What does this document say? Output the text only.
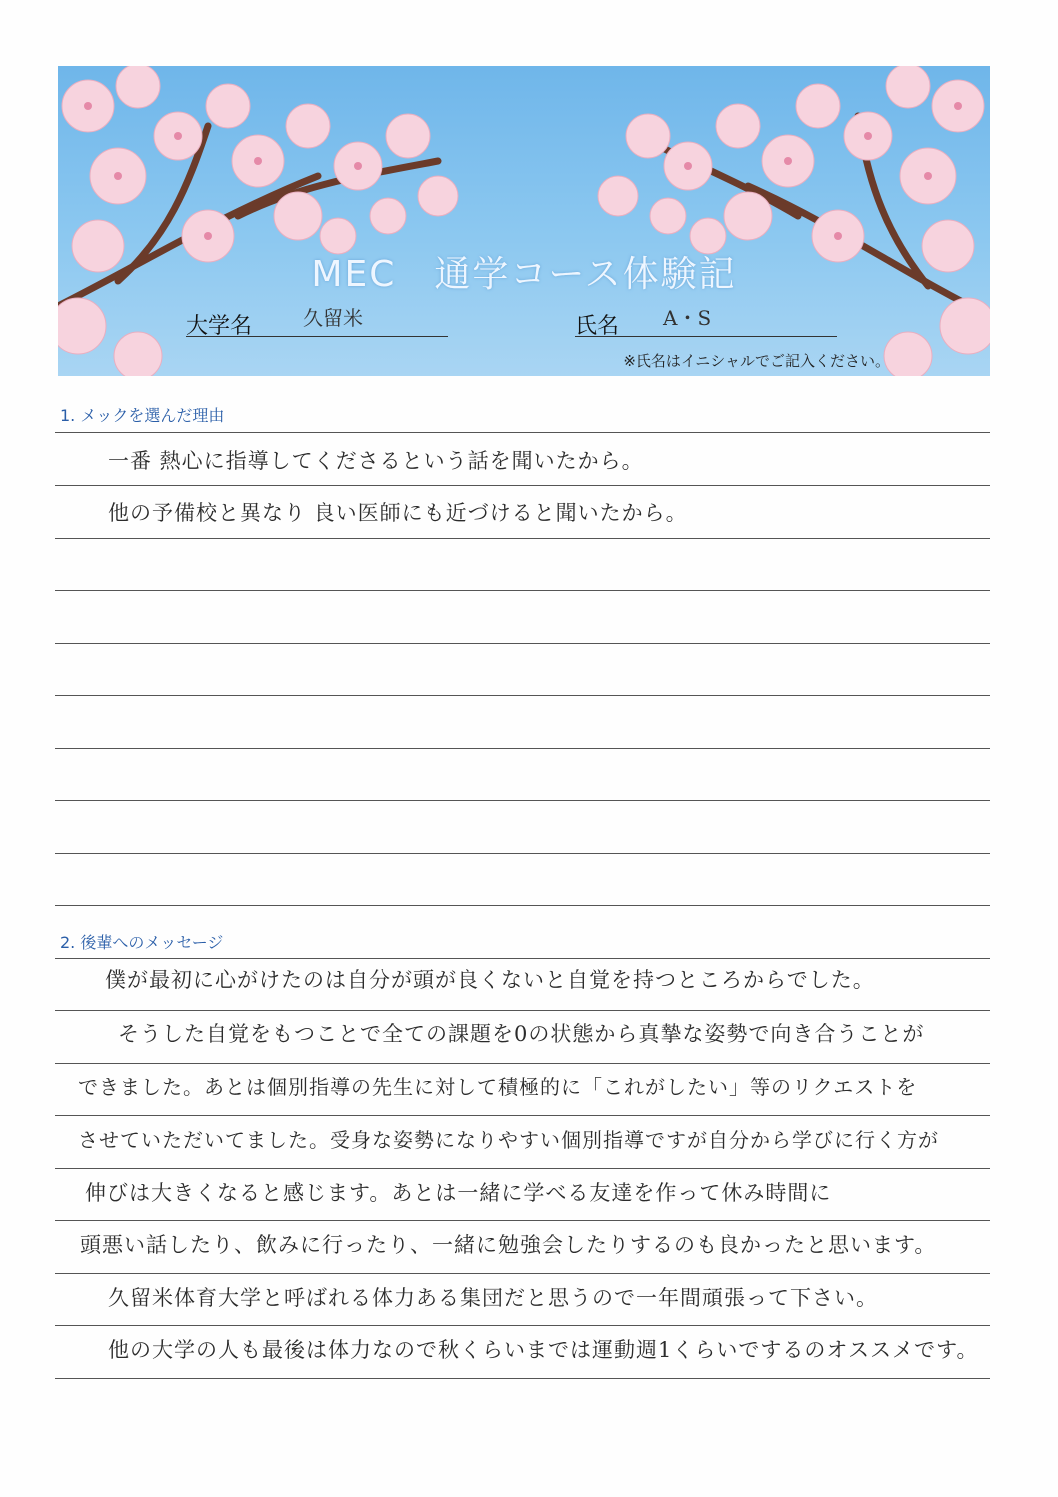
MEC　通学コース体験記
大学名	久留米	氏名 A・S
※氏名はイニシャルでご記入ください。
1. メックを選んだ理由
一番 熱心に指導してくださるという話を聞いたから。
他の予備校と異なり 良い医師にも近づけると聞いたから。
2. 後輩へのメッセージ
僕が最初に心がけたのは自分が頭が良くないと自覚を持つところからでした。
そうした自覚をもつことで全ての課題を0の状態から真摯な姿勢で向き合うことが
できました。あとは個別指導の先生に対して積極的に「これがしたい」等のリクエストを
させていただいてました。受身な姿勢になりやすい個別指導ですが自分から学びに行く方が
伸びは大きくなると感じます。あとは一緒に学べる友達を作って休み時間に
頭悪い話したり、飲みに行ったり、一緒に勉強会したりするのも良かったと思います。
久留米体育大学と呼ばれる体力ある集団だと思うので一年間頑張って下さい。
他の大学の人も最後は体力なので秋くらいまでは運動週1くらいでするのオススメです。
